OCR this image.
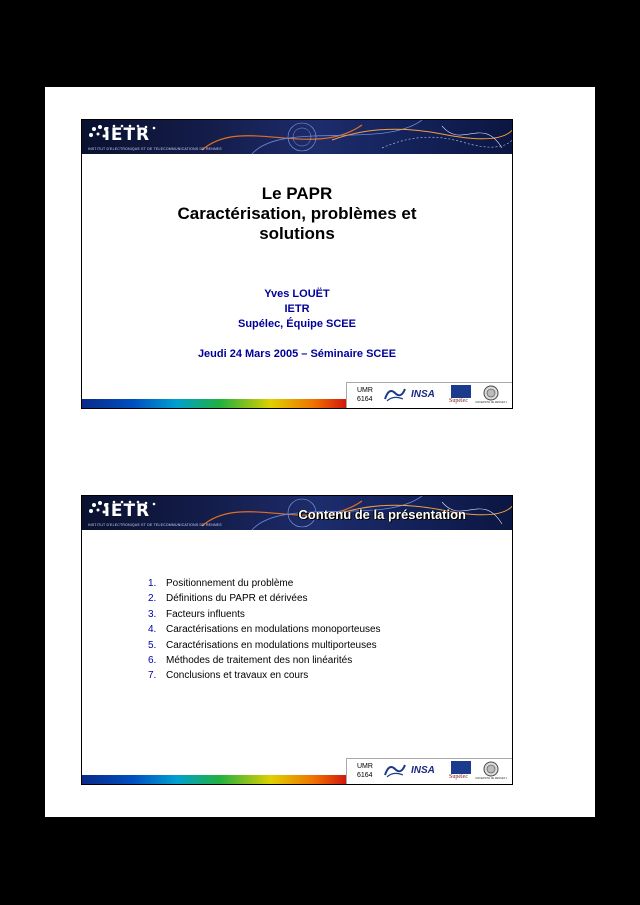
iETR
INSTITUT D'ELECTRONIQUE ET DE TELECOMMUNICATIONS DE RENNES
Le PAPR
Caractérisation, problèmes et
solutions
Yves LOUËT
IETR
Supélec, Équipe SCEE
Jeudi 24 Mars 2005 – Séminaire SCEE
UMR
6164	INSA
Supélec	UNIVERSITÉ DE RENNES 1
iETR
INSTITUT D'ELECTRONIQUE ET DE TELECOMMUNICATIONS DE RENNES
Contenu de la présentation
1. Positionnement du problème
2. Définitions du PAPR et dérivées
3. Facteurs influents
4. Caractérisations en modulations monoporteuses
5. Caractérisations en modulations multiporteuses
6. Méthodes de traitement des non linéarités
7. Conclusions et travaux en cours
UMR
6164	INSA
Supélec	UNIVERSITÉ DE RENNES 1
